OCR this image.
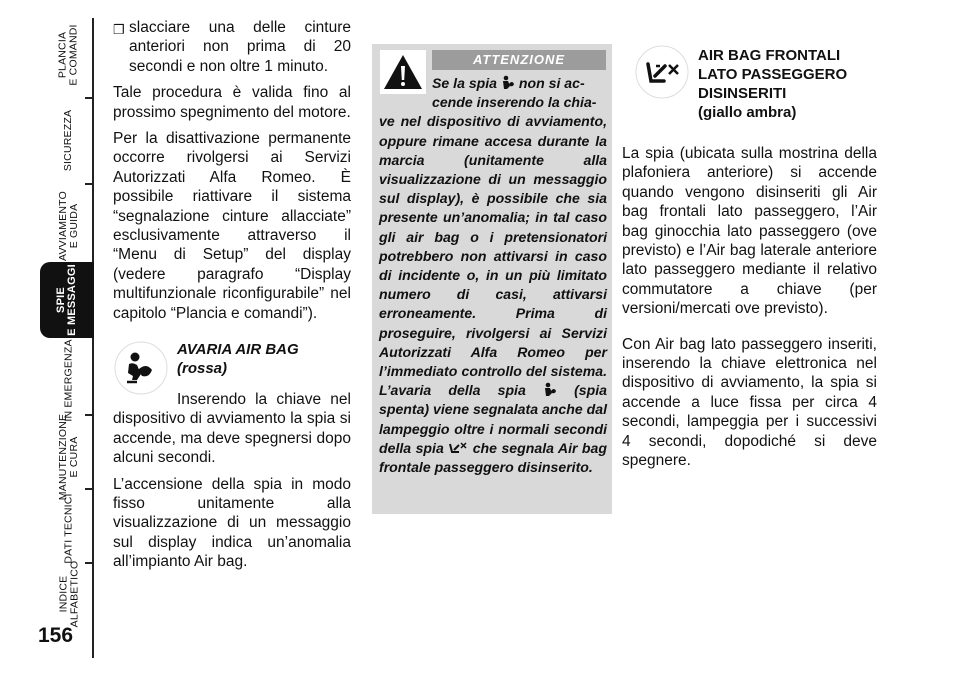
PLANCIA
E COMANDI
SICUREZZA
AVVIAMENTO
E GUIDA
SPIE
E MESSAGGI
IN EMERGENZA
MANUTENZIONE
E CURA
DATI TECNICI
INDICE
ALFABETICO
156

❒ slacciare una delle cinture anteriori non prima di 20 secondi e non oltre 1 minuto.

Tale procedura è valida fino al prossimo spegnimento del motore.

Per la disattivazione permanente occorre rivolgersi ai Servizi Autorizzati Alfa Romeo. È possibile riattivare il sistema “segnalazione cinture allacciate” esclusivamente attraverso il “Menu di Setup” del display (vedere paragrafo “Display multifunzionale riconfigurabile” nel capitolo “Plancia e comandi”).

AVARIA AIR BAG
(rossa)

Inserendo la chiave nel dispositivo di avviamento la spia si accende, ma deve spegnersi dopo alcuni secondi.

L’accensione della spia in modo fisso unitamente alla visualizzazione di un messaggio sul display indica un’anomalia all’impianto Air bag.

ATTENZIONE
Se la spia non si ac-
cende inserendo la chia-
ve nel dispositivo di avviamento, oppure rimane accesa durante la marcia (unitamente alla visualizzazione di un messaggio sul display), è possibile che sia presente un’anomalia; in tal caso gli air bag o i pretensionatori potrebbero non attivarsi in caso di incidente o, in un più limitato numero di casi, attivarsi erroneamente. Prima di proseguire, rivolgersi ai Servizi Autorizzati Alfa Romeo per l’immediato controllo del sistema. L’avaria della spia	(spia spenta) viene segnalata anche dal lampeggio oltre i normali secondi della spia che segnala Air bag frontale passeggero disinserito.
AIR BAG FRONTALI
LATO PASSEGGERO
DISINSERITI
(giallo ambra)

La spia (ubicata sulla mostrina della plafoniera anteriore) si accende quando vengono disinseriti gli Air bag frontali lato passeggero, l’Air bag ginocchia lato passeggero (ove previsto) e l’Air bag laterale anteriore lato passeggero mediante il relativo commutatore a chiave (per versioni/mercati ove previsto).

Con Air bag lato passeggero inseriti, inserendo la chiave elettronica nel dispositivo di avviamento, la spia si accende a luce fissa per circa 4 secondi, lampeggia per i successivi 4 secondi, dopodiché si deve spegnere.
